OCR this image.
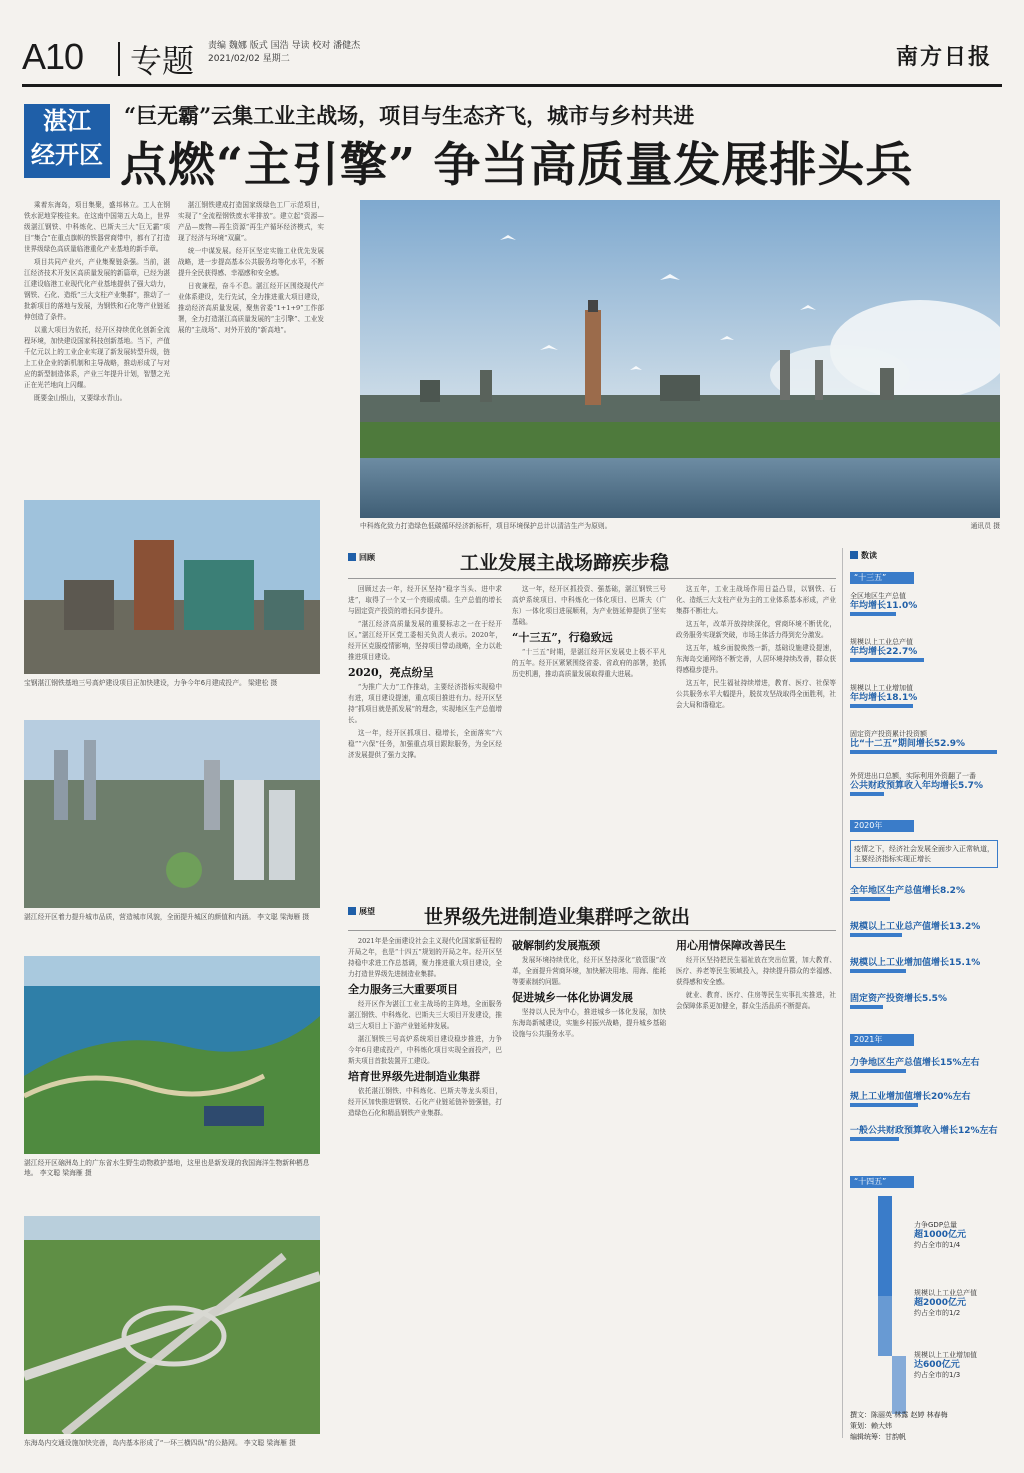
A10 专题 责编 魏娜 版式 国浩 导读 校对 潘健杰
2021/02/02 星期二	南方日报
湛江
经开区
“巨无霸”云集工业主战场，项目与生态齐飞，城市与乡村共进
点燃“主引擎” 争当高质量发展排头兵

乘着东海岛，项目集聚，盛邦林立。工人在钢铁水泥地穿梭往来。在这南中国第五大岛上，世界级湛江钢铁、中科炼化、巴斯夫三大“巨无霸”项目“集合”在重点旗帜的铁器营商带中，都有了打造世界级绿色高质量临港重化产业基地的新手章。

项目共同产业兴，产业集聚链条强。当前，湛江经济技术开发区高质量发展的新篇章，已经为湛江建设临港工业现代化产业基地提供了强大动力，钢铁、石化、造纸“三大支柱产业集群”，推动了一批新项目的落地与发展，为钢铁和石化等产业链延伸创造了条件。

以重大项目为依托，经开区持续优化创新全流程环境，加快建设国家科技创新基地。当下，产值千亿元以上的工业企业实现了新发展转型升级，链上工业企业的新机制和主导战略，推动形成了与对应的新型制造体系，产业三年提升计划，智慧之光正在光芒地向上闪耀。

既要金山银山，又要绿水青山。

湛江钢铁建成打造国家级绿色工厂示范项目，实现了“全流程钢铁废水零排放”。建立起“资源—产品—废物—再生资源”再生产循环经济模式，实现了经济与环境“双赢”。

统一中谋发展。经开区坚定实施工业优先发展战略，进一步提高基本公共服务均等化水平，不断提升全民获得感、幸福感和安全感。

日夜兼程，奋斗不息。湛江经开区围绕现代产业体系建设，先行先试，全力推进重大项目建设，推动经济高质量发展，聚焦省委“1+1+9”工作部署，全力打造湛江高质量发展的“主引擎”、工业发展的“主战场”、对外开放的“新高地”。

中科炼化致力打造绿色低碳循环经济新标杆，项目环境保护总计以清洁生产为原则。	通讯员 摄
宝钢湛江钢铁基地三号高炉建设项目正加快建设，力争今年6月建成投产。 梁建松 摄
湛江经开区着力提升城市品质，营造城市风貌，全面提升城区的颜值和内涵。 李文聪 梁海雁 摄
湛江经开区硇洲岛上的广东省水生野生动物救护基地，这里也是新发现的我国海洋生物新种栖息地。 李文聪 梁海雁 摄
东海岛内交通设施加快完善，岛内基本形成了“一环三横四纵”的公路网。 李文聪 梁海雁 摄
回顾	工业发展主战场蹄疾步稳

回顾过去一年，经开区坚持“稳字当头、进中求进”，取得了一个又一个亮眼成绩。生产总值的增长与固定资产投资的增长同步提升。

“湛江经济高质量发展的重要标志之一在于经开区。”湛江经开区党工委相关负责人表示。2020年，经开区克服疫情影响，坚持项目带动战略，全力以赴推进项目建设。

2020，亮点纷呈

“为推广大力”工作推动，主要经济指标实现稳中有进，项目建设提速，重点项目推进有力。经开区坚持“抓项目就是抓发展”的理念，实现地区生产总值增长。

这一年，经开区抓项目、稳增长，全面落实“六稳”“六保”任务，加强重点项目跟踪服务，为全区经济发展提供了强力支撑。

这一年，经开区抓投资、强基础，湛江钢铁三号高炉系统项目、中科炼化一体化项目、巴斯夫（广东）一体化项目进展顺利，为产业链延伸提供了坚实基础。

“十三五”，行稳致远

“十三五”时期，是湛江经开区发展史上极不平凡的五年。经开区紧紧围绕省委、省政府的部署，抢抓历史机遇，推动高质量发展取得重大进展。

这五年，工业主战场作用日益凸显，以钢铁、石化、造纸三大支柱产业为主的工业体系基本形成，产业集群不断壮大。

这五年，改革开放持续深化，营商环境不断优化，政务服务实现新突破，市场主体活力得到充分激发。

这五年，城乡面貌焕然一新，基础设施建设提速，东海岛交通网络不断完善，人居环境持续改善，群众获得感稳步提升。

这五年，民生福祉持续增进，教育、医疗、社保等公共服务水平大幅提升，脱贫攻坚战取得全面胜利，社会大局和谐稳定。

展望	世界级先进制造业集群呼之欲出

2021年是全面建设社会主义现代化国家新征程的开局之年，也是“十四五”规划的开局之年。经开区坚持稳中求进工作总基调，聚力推进重大项目建设，全力打造世界级先进制造业集群。

全力服务三大重要项目

经开区作为湛江工业主战场的主阵地，全面服务湛江钢铁、中科炼化、巴斯夫三大项目开发建设，推动三大项目上下游产业链延伸发展。

湛江钢铁三号高炉系统项目建设稳步推进，力争今年6月建成投产，中科炼化项目实现全面投产，巴斯夫项目首批装置开工建设。

培育世界级先进制造业集群

依托湛江钢铁、中科炼化、巴斯夫等龙头项目，经开区加快推进钢铁、石化产业链延链补链强链，打造绿色石化和精品钢铁产业集群。

破解制约发展瓶颈

发展环境持续优化，经开区坚持深化“放管服”改革，全面提升营商环境，加快解决用地、用海、能耗等要素制约问题。

促进城乡一体化协调发展

坚持以人民为中心，推进城乡一体化发展，加快东海岛新城建设，实施乡村振兴战略，提升城乡基础设施与公共服务水平。

用心用情保障改善民生

经开区坚持把民生福祉放在突出位置，加大教育、医疗、养老等民生领域投入，持续提升群众的幸福感、获得感和安全感。

就业、教育、医疗、住房等民生实事扎实推进，社会保障体系更加健全，群众生活品质不断提高。

数读
“十三五”
全区地区生产总值
年均增长11.0%
规模以上工业总产值
年均增长22.7%
规模以上工业增加值
年均增长18.1%
固定资产投资累计投资额
比“十二五”期间增长52.9%
外贸进出口总额，实际利用外资翻了一番
公共财政预算收入年均增长5.7%
2020年
疫情之下，经济社会发展全面步入正常轨道，主要经济指标实现正增长
全年地区生产总值增长8.2%
规模以上工业总产值增长13.2%
规模以上工业增加值增长15.1%
固定资产投资增长5.5%
2021年
力争地区生产总值增长15%左右
规上工业增加值增长20%左右
一般公共财政预算收入增长12%左右
“十四五”
力争GDP总量
超1000亿元
约占全市的1/4
规模以上工业总产值
超2000亿元
约占全市的1/2
规模以上工业增加值
达600亿元
约占全市的1/3
撰文：陈丽英 林露 赵婷 林春梅
策划：赖大炜
编辑统筹：甘韵帆
